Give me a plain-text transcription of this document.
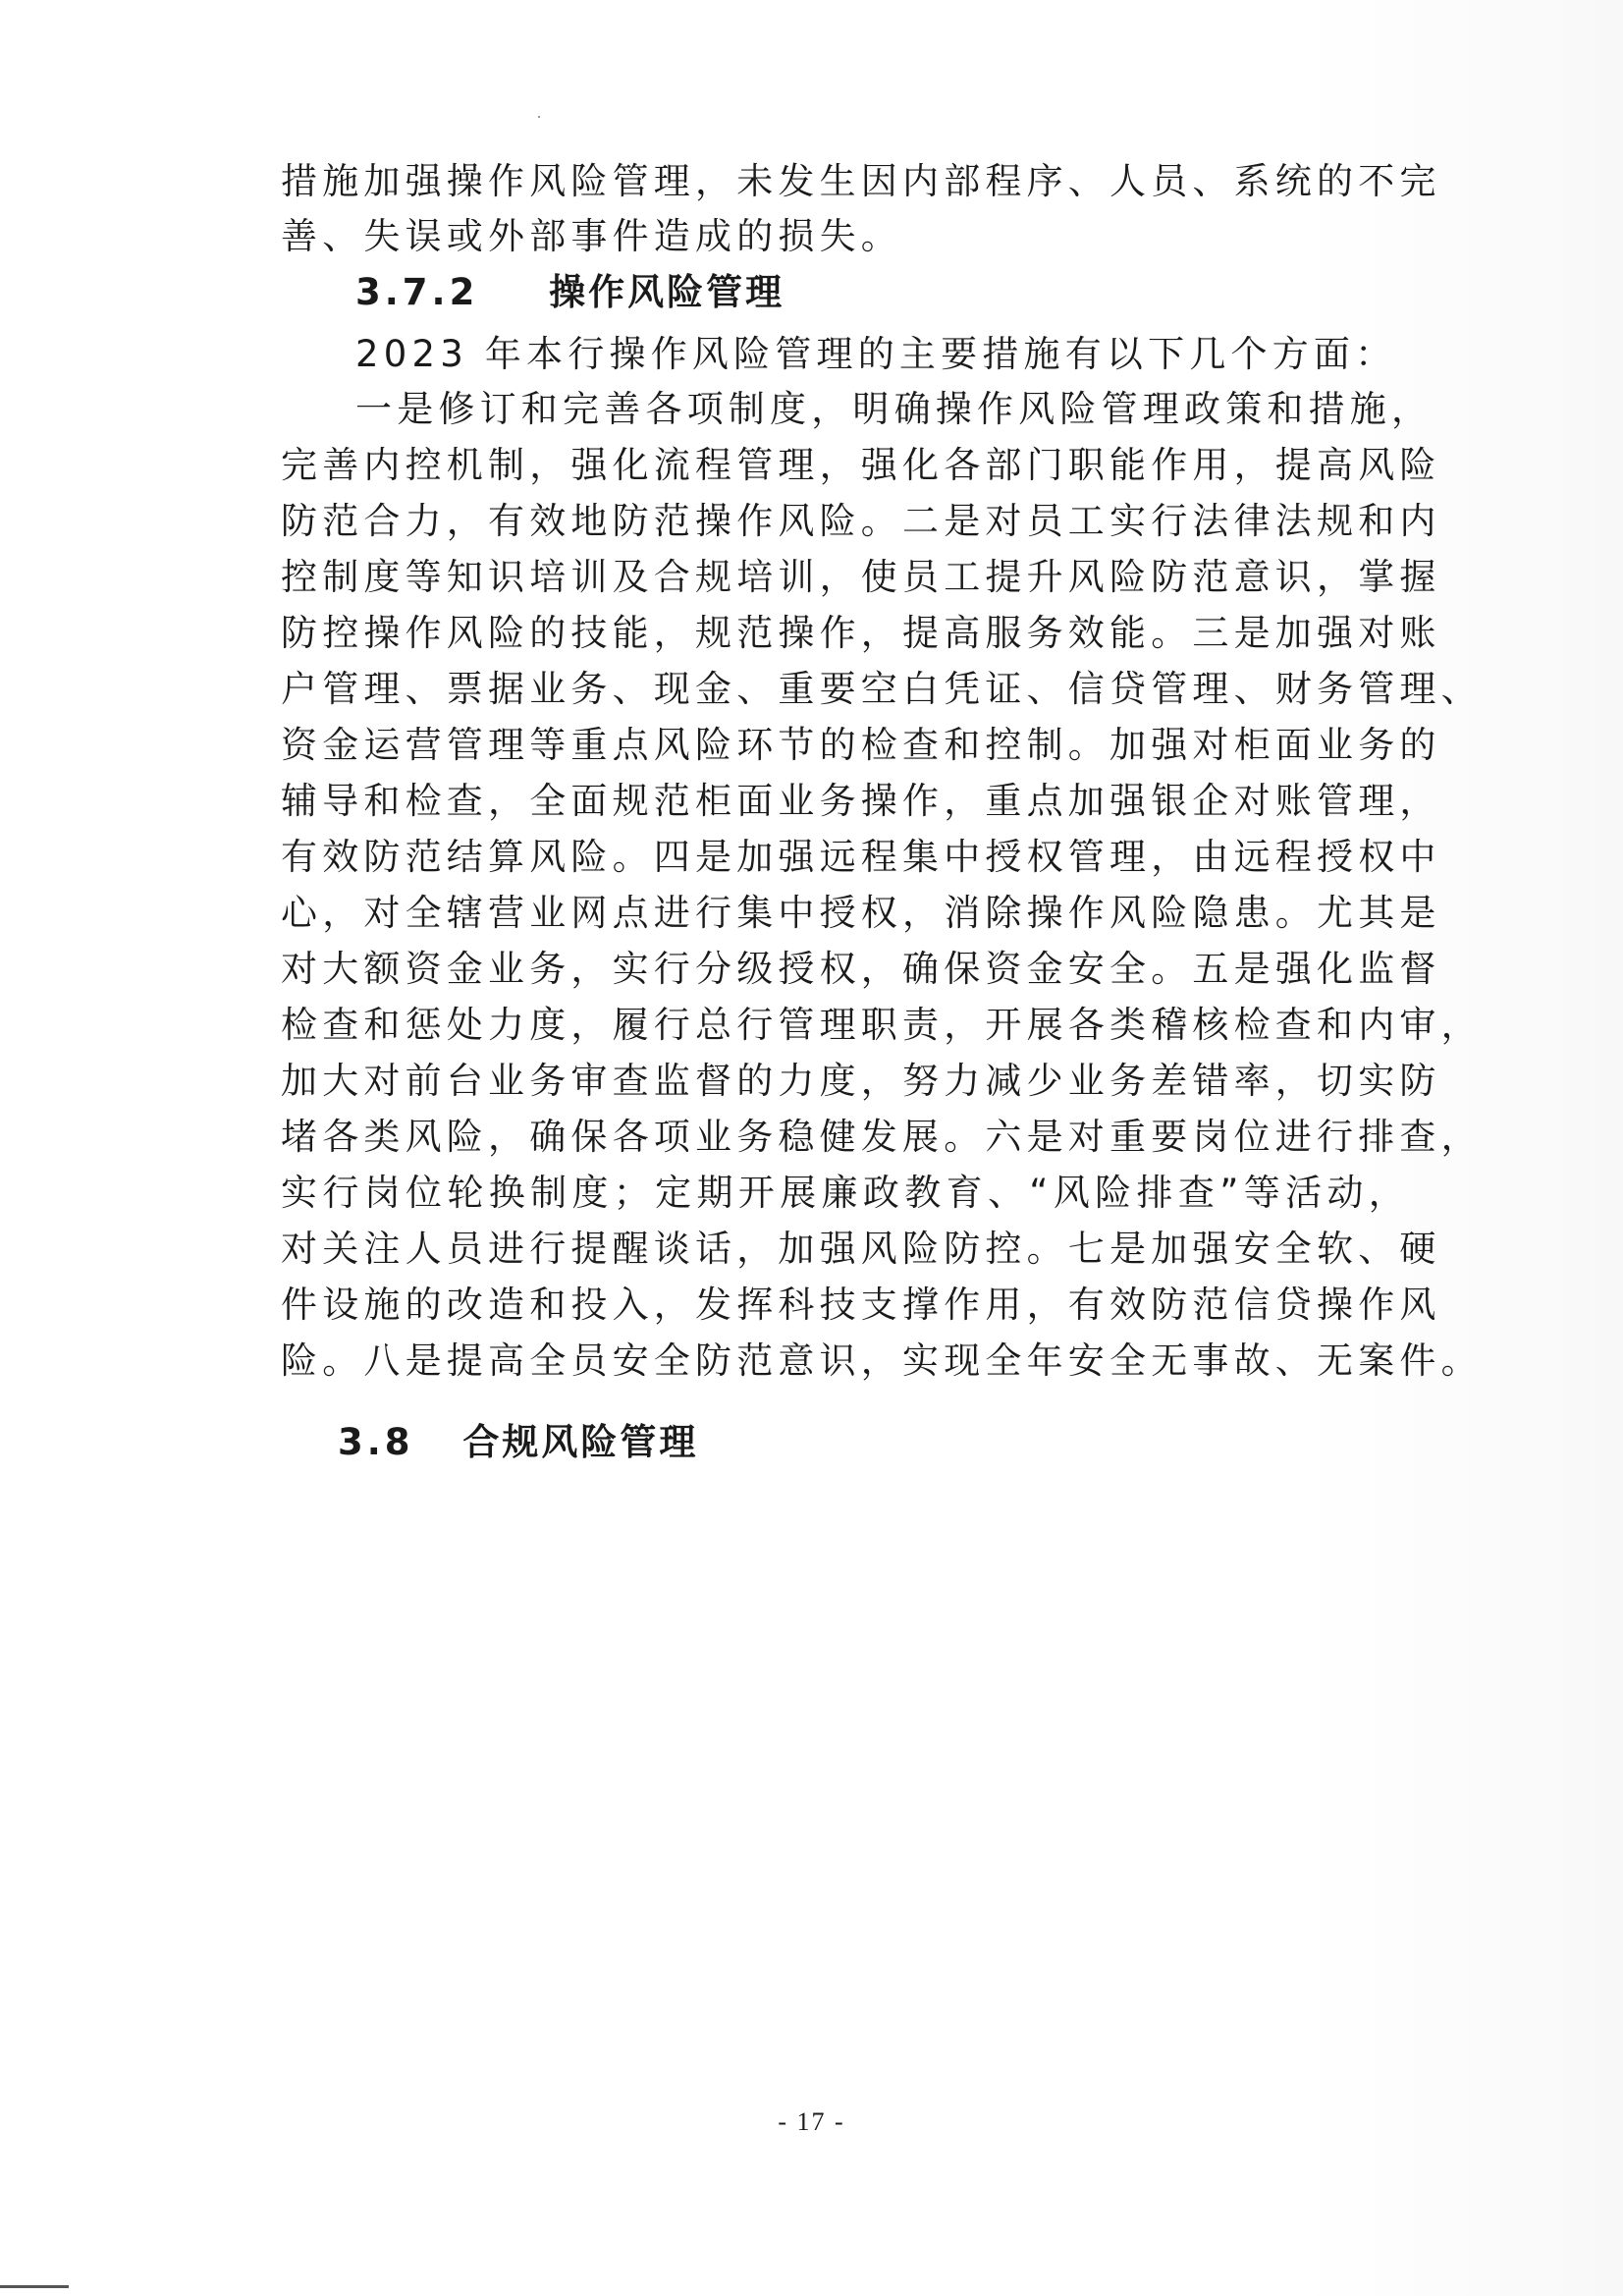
措施加强操作风险管理，未发生因内部程序、人员、系统的不完
善、失误或外部事件造成的损失。
3.7.2 操作风险管理
2023 年本行操作风险管理的主要措施有以下几个方面：
一是修订和完善各项制度，明确操作风险管理政策和措施，
完善内控机制，强化流程管理，强化各部门职能作用，提高风险
防范合力，有效地防范操作风险。二是对员工实行法律法规和内
控制度等知识培训及合规培训，使员工提升风险防范意识，掌握
防控操作风险的技能，规范操作，提高服务效能。三是加强对账
户管理、票据业务、现金、重要空白凭证、信贷管理、财务管理、
资金运营管理等重点风险环节的检查和控制。加强对柜面业务的
辅导和检查，全面规范柜面业务操作，重点加强银企对账管理，
有效防范结算风险。四是加强远程集中授权管理，由远程授权中
心，对全辖营业网点进行集中授权，消除操作风险隐患。尤其是
对大额资金业务，实行分级授权，确保资金安全。五是强化监督
检查和惩处力度，履行总行管理职责，开展各类稽核检查和内审，
加大对前台业务审查监督的力度，努力减少业务差错率，切实防
堵各类风险，确保各项业务稳健发展。六是对重要岗位进行排查，
实行岗位轮换制度；定期开展廉政教育、“风险排查”等活动，
对关注人员进行提醒谈话，加强风险防控。七是加强安全软、硬
件设施的改造和投入，发挥科技支撑作用，有效防范信贷操作风
险。八是提高全员安全防范意识，实现全年安全无事故、无案件。
3.8 合规风险管理
- 17 -
